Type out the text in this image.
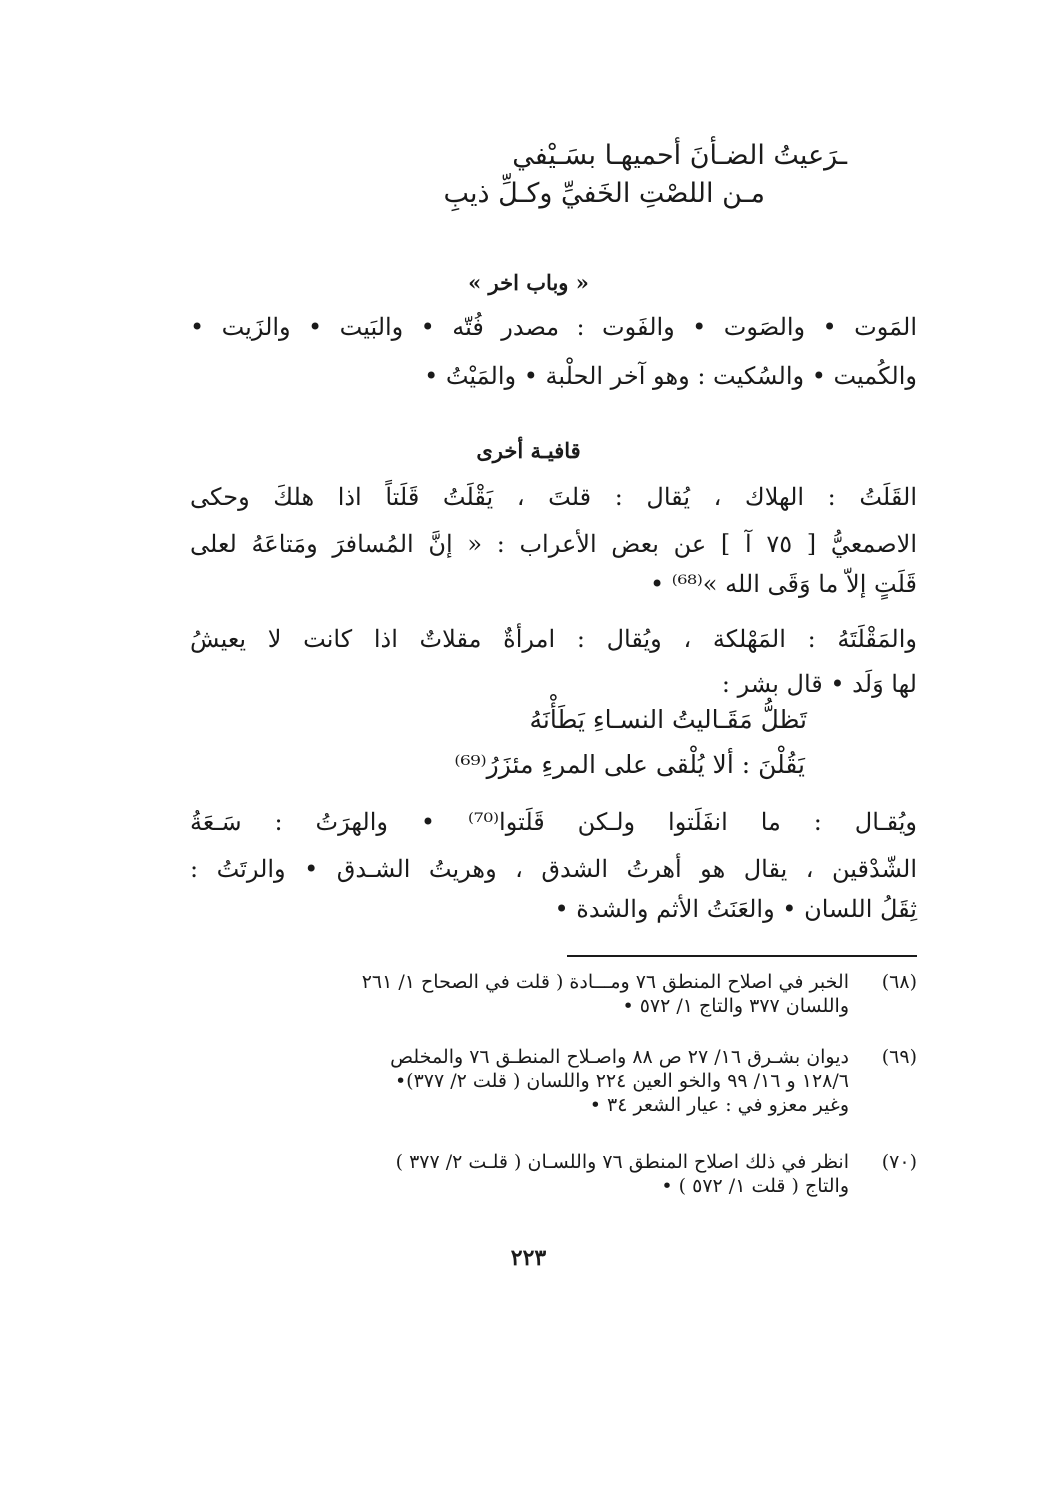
ـرَعيتُ الضـأنَ أحميهـا بسَـيْفي
مـن اللصْتِ الخَفيِّ وكـلِّ ذيبِ
« وباب اخر »
المَوت • والصَوت • والفَوت : مصدر فُتّه • والبَيت • والزَيت •
والكُميت • والسُكيت : وهو آخر الحلْبة • والمَيْتُ •
قافيـة أخرى
القَلَتُ : الهلاك ، يُقال : قلتَ ، يَقْلَتُ قَلَتاً اذا هلكَ وحكى
الاصمعيُّ [ ٧٥ آ ] عن بعض الأعراب : « إنَّ المُسافرَ ومَتاعَهُ لعلى
قَلَتٍ إلاّ ما وَقَى الله »⁽⁶⁸⁾ •
والمَقْلَتَهُ : المَهْلكة ، ويُقال : امرأةٌ مقلاتٌ اذا كانت لا يعيشُ
لها وَلَد • قال بشر :
تَظلُّ مَقَـاليتُ النسـاءِ يَطَأْنَهُ
يَقُلْنَ : ألا يُلْقى على المرءِ مئزَرُ⁽⁶⁹⁾
ويُقـال : ما انفَلَتوا ولـكن قَلَتوا⁽⁷⁰⁾ • والهرَتُ : سَـعَةُ
الشّدْقين ، يقال هو أهرتُ الشدق ، وهريتُ الشـدق • والرتَتُ :
ثِقَلُ اللسان • والعَنَتُ الأثم والشدة •
(٦٨)
الخبر في اصلاح المنطق ٧٦ ومـــادة ( قلت في الصحاح ١/ ٢٦١
واللسان ٣٧٧ والتاج ١/ ٥٧٢ •
(٦٩)
ديوان بشـرق ١٦/ ٢٧ ص ٨٨ واصـلاح المنطـق ٧٦ والمخلص
١٢٨/٦ و ١٦/ ٩٩ والخو العين ٢٢٤ واللسان ( قلت ٢/ ٣٧٧)•
وغير معزو في : عيار الشعر ٣٤ •
(٧٠)
انظر في ذلك اصلاح المنطق ٧٦ واللسـان ( قلـت ٢/ ٣٧٧ )
والتاج ( قلت ١/ ٥٧٢ ) •
٢٢٣
